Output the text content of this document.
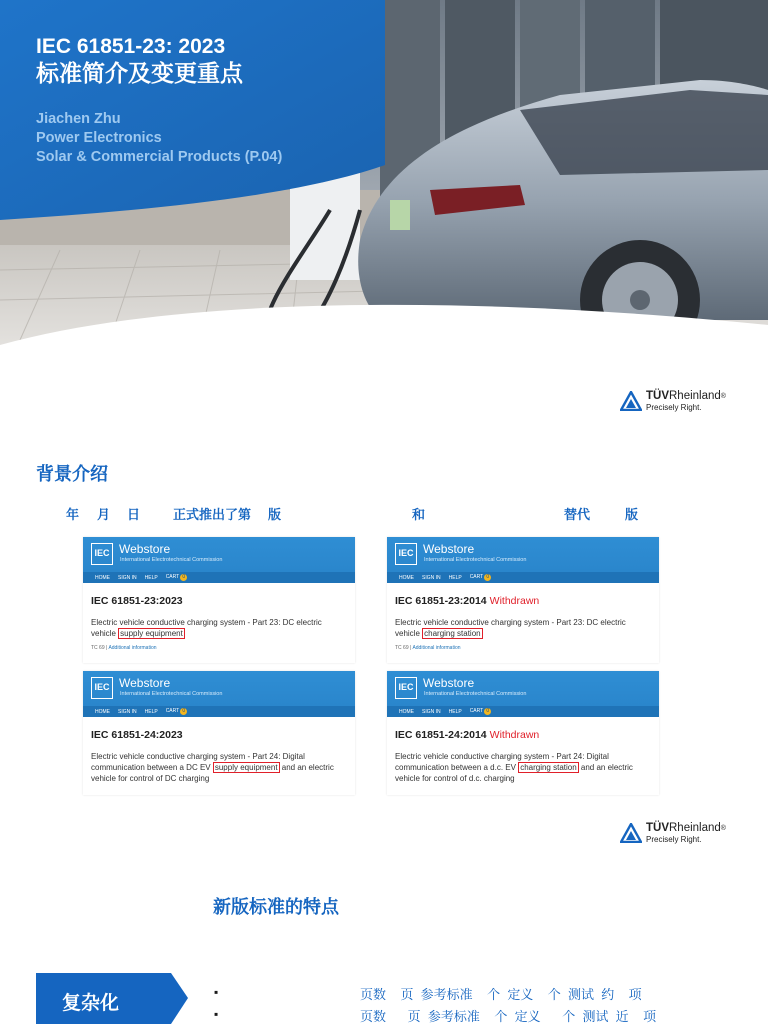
IEC 61851-23: 2023
标准简介及变更重点
Jiachen Zhu
Power Electronics
Solar & Commercial Products (P.04)
TÜVRheinland®
Precisely Right.
背景介绍
年 月 日	正式推出了第 版	和	替代	版
IEC Webstore
International Electrotechnical Commission
HOME SIGN IN HELP CART 0
IEC 61851-23:2023
Electric vehicle conductive charging system - Part 23: DC electric vehicle supply equipment
TC 69 | Additional information
IEC Webstore
International Electrotechnical Commission
HOME SIGN IN HELP CART 0
IEC 61851-23:2014 Withdrawn
Electric vehicle conductive charging system - Part 23: DC electric vehicle charging station
TC 69 | Additional information
IEC Webstore
International Electrotechnical Commission
HOME SIGN IN HELP CART 0
IEC 61851-24:2023
Electric vehicle conductive charging system - Part 24: Digital communication between a DC EV supply equipment and an electric vehicle for control of DC charging
IEC Webstore
International Electrotechnical Commission
HOME SIGN IN HELP CART 0
IEC 61851-24:2014 Withdrawn
Electric vehicle conductive charging system - Part 24: Digital communication between a d.c. EV charging station and an electric vehicle for control of d.c. charging
TÜVRheinland®
Precisely Right.
新版标准的特点
复杂化
▪
▪
页数    页  参考标准    个  定义    个  测试  约    项
页数      页  参考标准    个  定义      个  测试  近    项
